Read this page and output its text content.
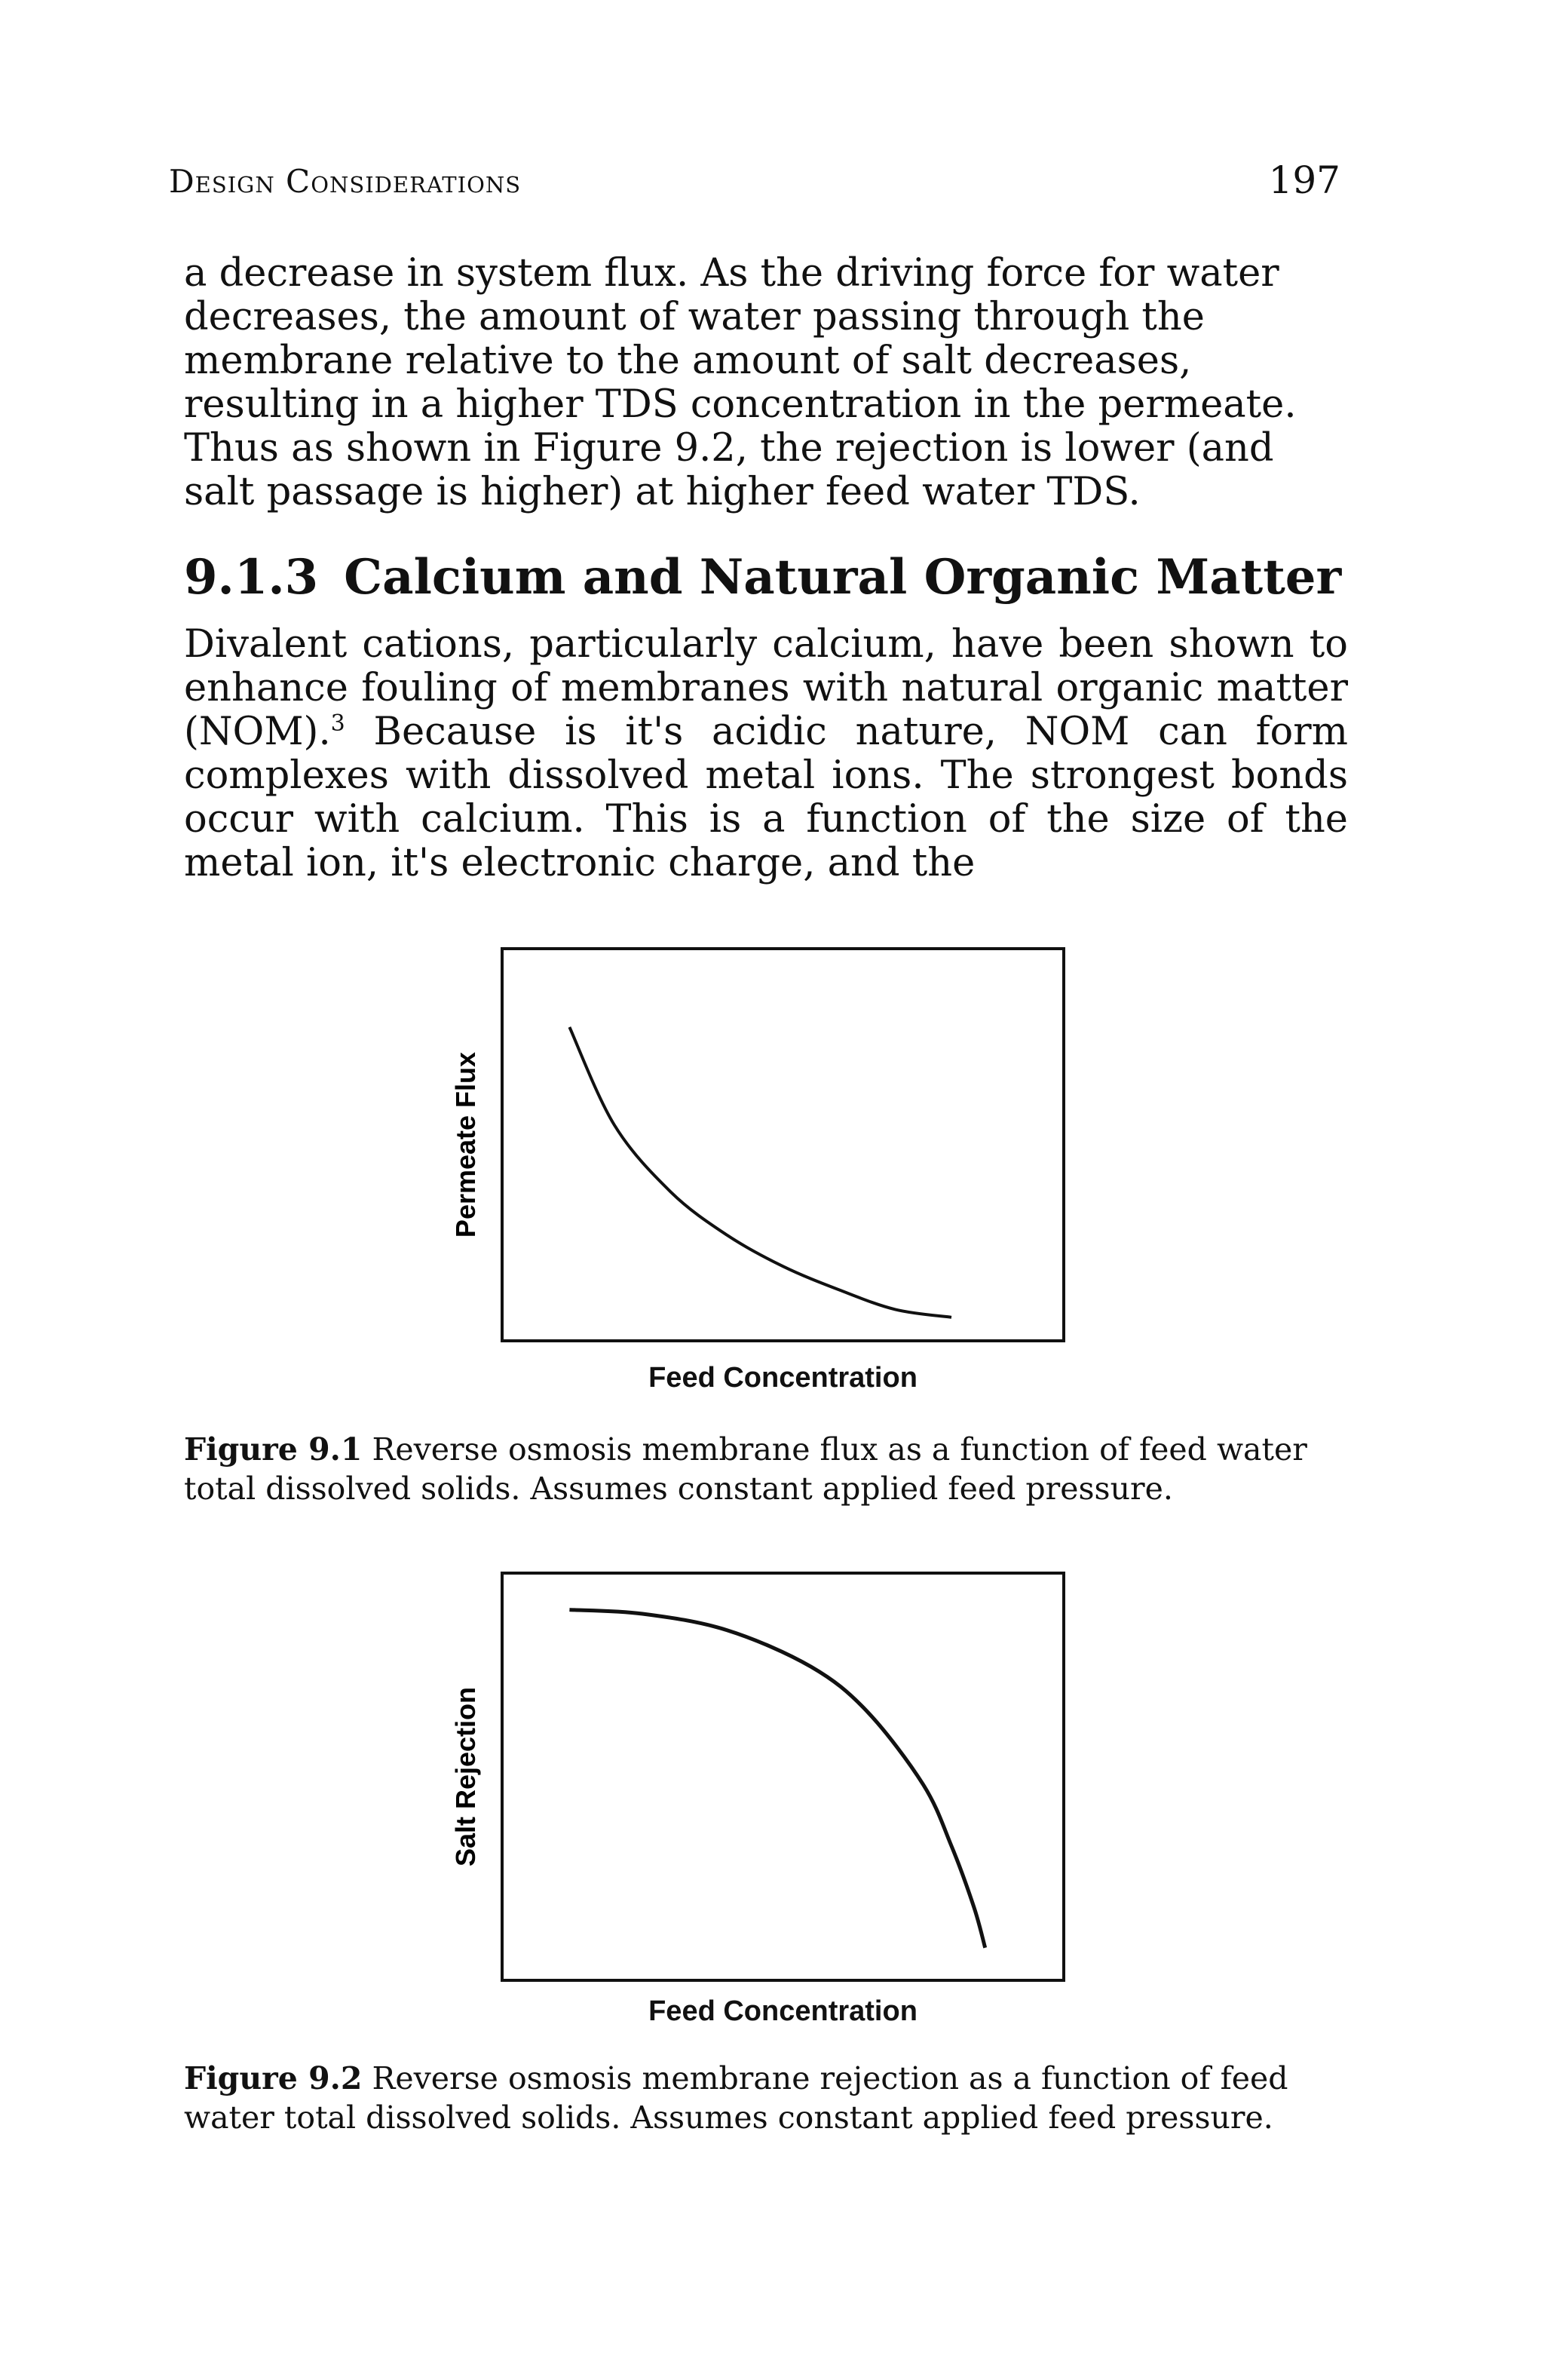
Design Considerations	197

a decrease in system flux. As the driving force for water decreases, the amount of water passing through the membrane relative to the amount of salt decreases, resulting in a higher TDS concentration in the permeate. Thus as shown in Figure 9.2, the rejection is lower (and salt passage is higher) at higher feed water TDS.

9.1.3 Calcium and Natural Organic Matter

Divalent cations, particularly calcium, have been shown to enhance fouling of membranes with natural organic matter (NOM).$^3$ Because is it's acidic nature, NOM can form complexes with dissolved metal ions. The strongest bonds occur with calcium. This is a function of the size of the metal ion, it's electronic charge, and the

Permeate Flux
Feed Concentration

Figure 9.1 Reverse osmosis membrane flux as a function of feed water total dissolved solids. Assumes constant applied feed pressure.

Salt Rejection
Feed Concentration

Figure 9.2 Reverse osmosis membrane rejection as a function of feed water total dissolved solids. Assumes constant applied feed pressure.
